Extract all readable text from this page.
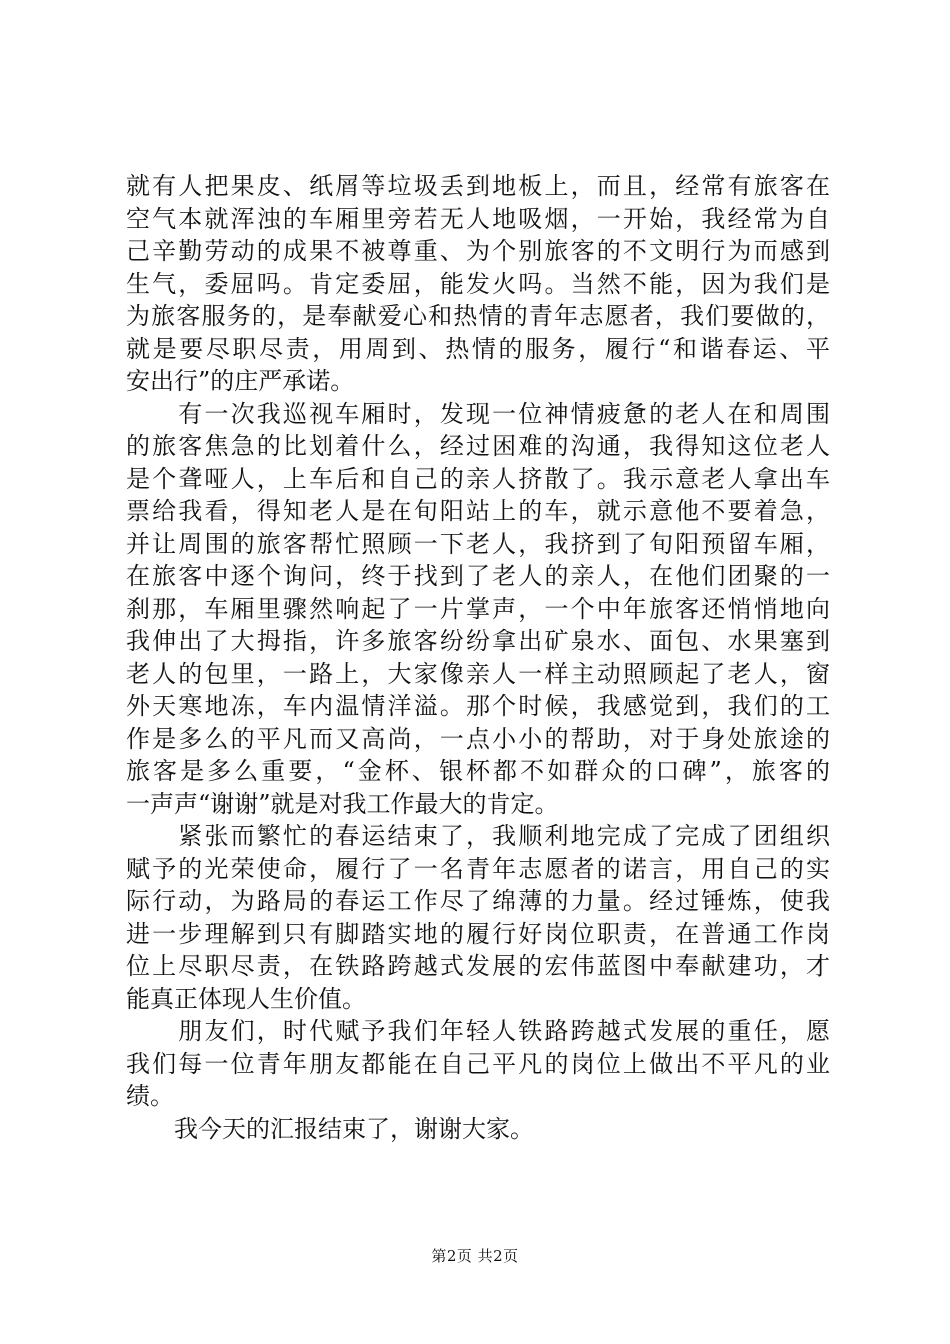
就有人把果皮、纸屑等垃圾丢到地板上，而且，经常有旅客在
空气本就浑浊的车厢里旁若无人地吸烟，一开始，我经常为自
己辛勤劳动的成果不被尊重、为个别旅客的不文明行为而感到
生气，委屈吗。肯定委屈，能发火吗。当然不能，因为我们是
为旅客服务的，是奉献爱心和热情的青年志愿者，我们要做的，
就是要尽职尽责，用周到、热情的服务，履行“和谐春运、平
安出行”的庄严承诺。
　　有一次我巡视车厢时，发现一位神情疲惫的老人在和周围
的旅客焦急的比划着什么，经过困难的沟通，我得知这位老人
是个聋哑人，上车后和自己的亲人挤散了。我示意老人拿出车
票给我看，得知老人是在旬阳站上的车，就示意他不要着急，
并让周围的旅客帮忙照顾一下老人，我挤到了旬阳预留车厢，
在旅客中逐个询问，终于找到了老人的亲人，在他们团聚的一
刹那，车厢里骤然响起了一片掌声，一个中年旅客还悄悄地向
我伸出了大拇指，许多旅客纷纷拿出矿泉水、面包、水果塞到
老人的包里，一路上，大家像亲人一样主动照顾起了老人，窗
外天寒地冻，车内温情洋溢。那个时候，我感觉到，我们的工
作是多么的平凡而又高尚，一点小小的帮助，对于身处旅途的
旅客是多么重要，“金杯、银杯都不如群众的口碑”，旅客的
一声声“谢谢”就是对我工作最大的肯定。
　　紧张而繁忙的春运结束了，我顺利地完成了完成了团组织
赋予的光荣使命，履行了一名青年志愿者的诺言，用自己的实
际行动，为路局的春运工作尽了绵薄的力量。经过锤炼，使我
进一步理解到只有脚踏实地的履行好岗位职责，在普通工作岗
位上尽职尽责，在铁路跨越式发展的宏伟蓝图中奉献建功，才
能真正体现人生价值。
　　朋友们，时代赋予我们年轻人铁路跨越式发展的重任，愿
我们每一位青年朋友都能在自己平凡的岗位上做出不平凡的业
绩。
　　我今天的汇报结束了，谢谢大家。
第2页 共2页
